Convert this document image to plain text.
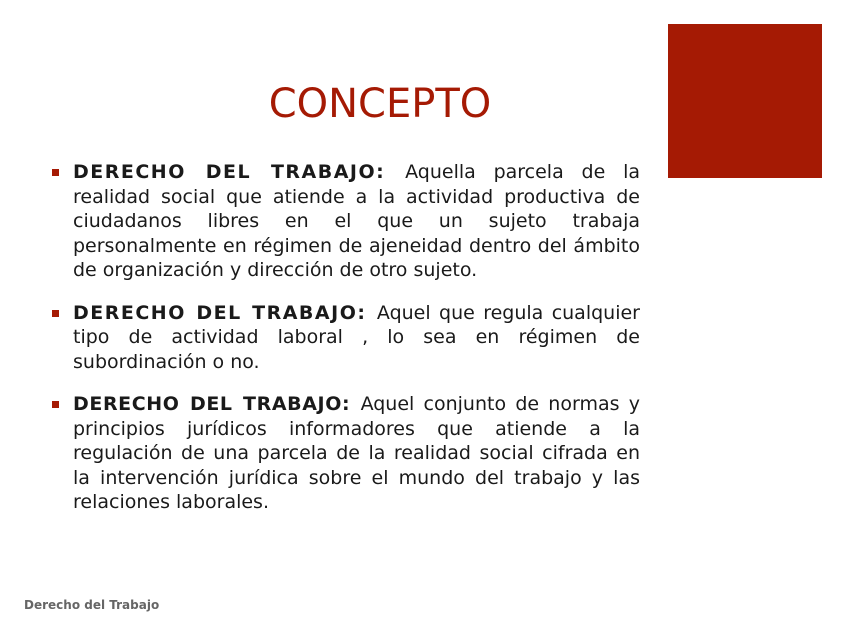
CONCEPTO
DERECHO DEL TRABAJO: Aquella parcela de la realidad social que atiende a la actividad productiva de ciudadanos libres en el que un sujeto trabaja personalmente en régimen de ajeneidad dentro del ámbito de organización y dirección de otro sujeto.
DERECHO DEL TRABAJO: Aquel que regula cualquier tipo de actividad laboral , lo sea en régimen de subordinación o no.
DERECHO DEL TRABAJO: Aquel conjunto de normas y principios jurídicos informadores que atiende a la regulación de una parcela de la realidad social cifrada en la intervención jurídica sobre el mundo del trabajo y las relaciones laborales.
Derecho del Trabajo
